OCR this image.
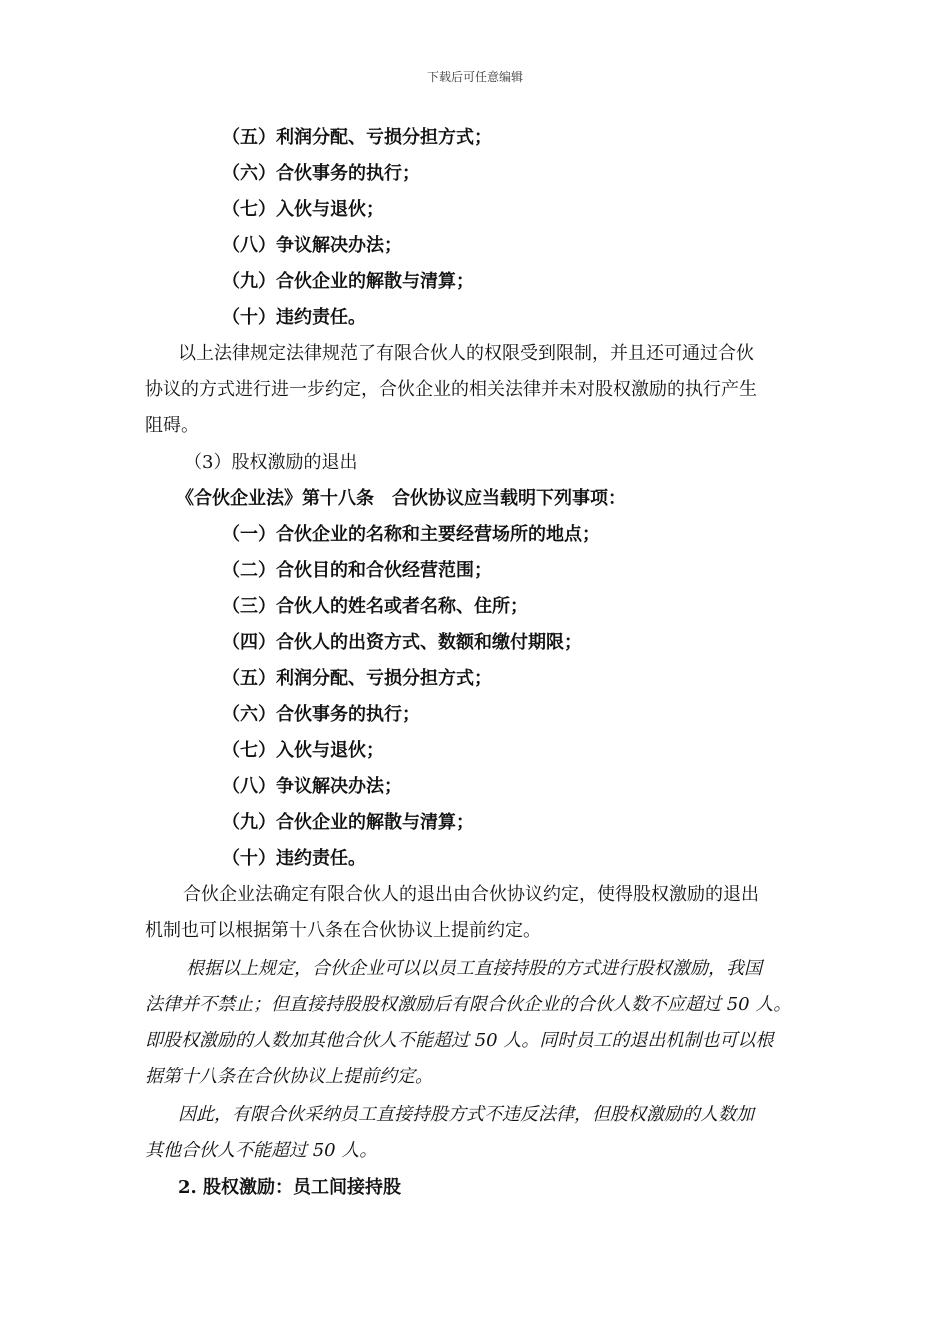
下载后可任意编辑
（五）利润分配、亏损分担方式；
（六）合伙事务的执行；
（七）入伙与退伙；
（八）争议解决办法；
（九）合伙企业的解散与清算；
（十）违约责任。
以上法律规定法律规范了有限合伙人的权限受到限制，并且还可通过合伙
协议的方式进行进一步约定，合伙企业的相关法律并未对股权激励的执行产生
阻碍。
（3）股权激励的退出
《合伙企业法》第十八条　合伙协议应当载明下列事项：
（一）合伙企业的名称和主要经营场所的地点；
（二）合伙目的和合伙经营范围；
（三）合伙人的姓名或者名称、住所；
（四）合伙人的出资方式、数额和缴付期限；
（五）利润分配、亏损分担方式；
（六）合伙事务的执行；
（七）入伙与退伙；
（八）争议解决办法；
（九）合伙企业的解散与清算；
（十）违约责任。
合伙企业法确定有限合伙人的退出由合伙协议约定，使得股权激励的退出
机制也可以根据第十八条在合伙协议上提前约定。
根据以上规定，合伙企业可以以员工直接持股的方式进行股权激励，我国
法律并不禁止；但直接持股股权激励后有限合伙企业的合伙人数不应超过 50 人。
即股权激励的人数加其他合伙人不能超过 50 人。同时员工的退出机制也可以根
据第十八条在合伙协议上提前约定。
因此，有限合伙采纳员工直接持股方式不违反法律，但股权激励的人数加
其他合伙人不能超过 50 人。
2. 股权激励：员工间接持股
